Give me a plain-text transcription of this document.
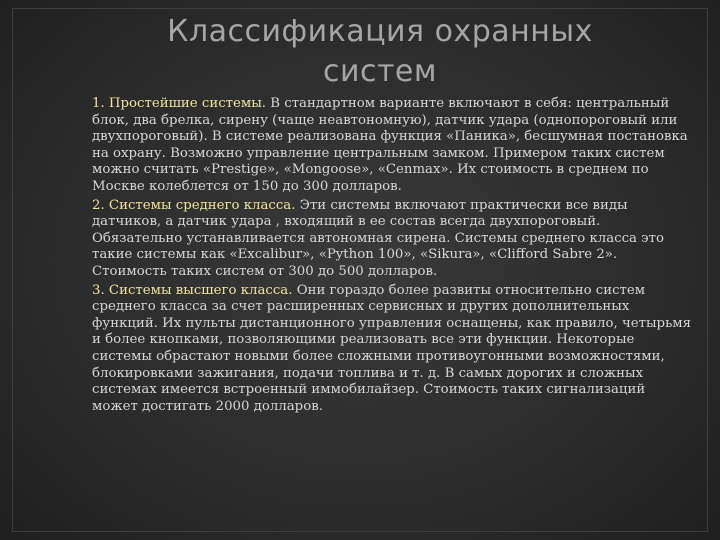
Классификация охранных
систем

1. Простейшие системы. В стандартном варианте включают в себя: центральный блок, два брелка, сирену (чаще неавтономную), датчик удара (однопороговый или двухпороговый). В системе реализована функция «Паника», бесшумная постановка на охрану. Возможно управление центральным замком. Примером таких систем можно считать «Prestige», «Mongoose», «Cenmax». Их стоимость в среднем по Москве колеблется от 150 до 300 долларов.

2. Системы среднего класса. Эти системы включают практически все виды датчиков, а датчик удара , входящий в ее состав всегда двухпороговый. Обязательно устанавливается автономная сирена. Системы среднего класса это такие системы как «Excalibur», «Python 100», «Sikura», «Clifford Sabre 2». Стоимость таких систем от 300 до 500 долларов.

3. Системы высшего класса. Они гораздо более развиты относительно систем среднего класса за счет расширенных сервисных и других дополнительных функций. Их пульты дистанционного управления оснащены, как правило, четырьмя и более кнопками, позволяющими реализовать все эти функции. Некоторые системы обрастают новыми более сложными противоугонными возможностями, блокировками зажигания, подачи топлива и т. д. В самых дорогих и сложных системах имеется встроенный иммобилайзер. Стоимость таких сигнализаций может достигать 2000 долларов.
